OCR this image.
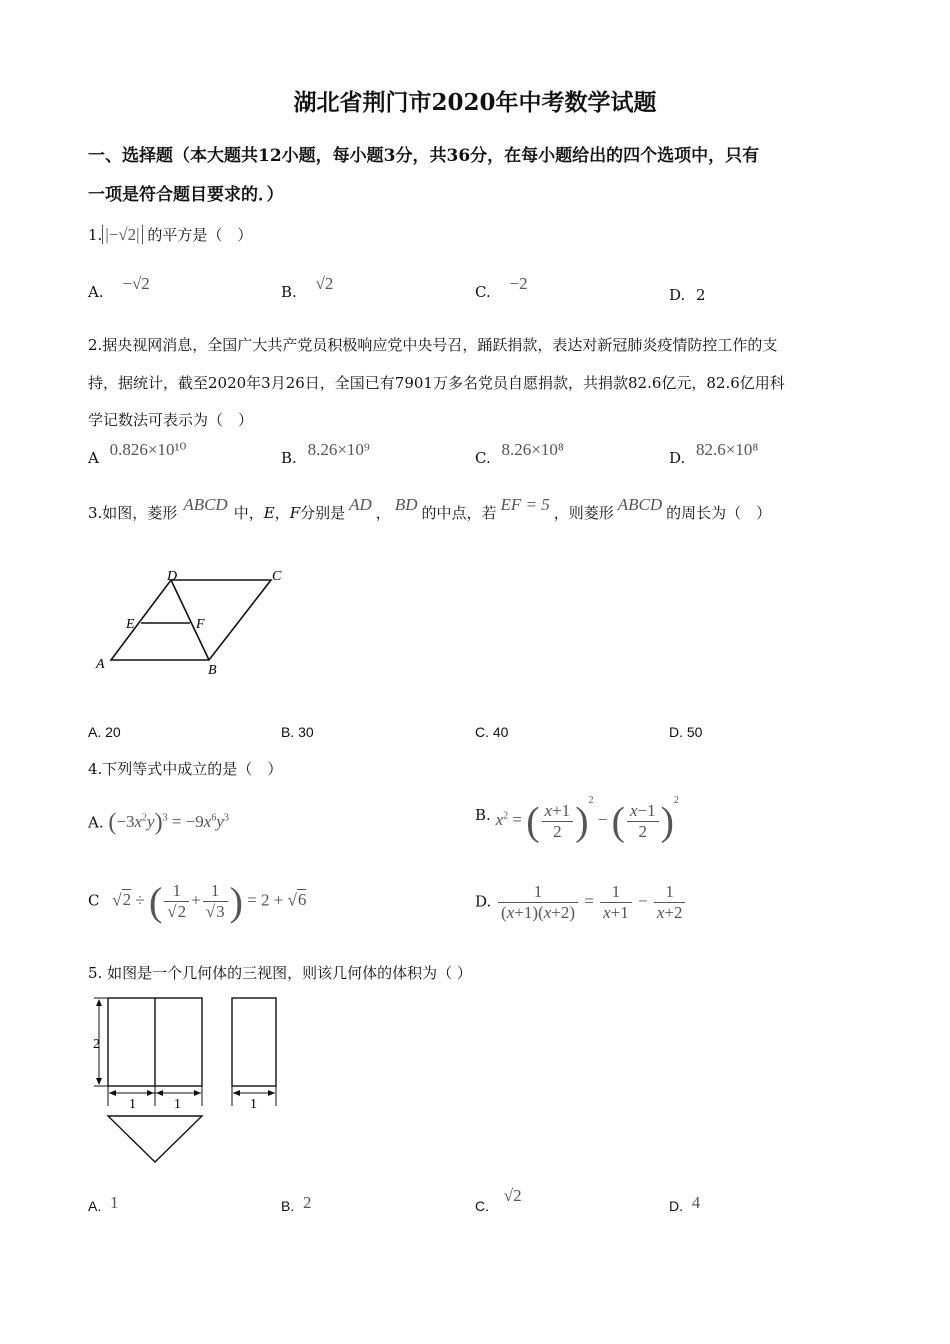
湖北省荆门市2020年中考数学试题
一、选择题（本大题共12小题，每小题3分，共36分，在每小题给出的四个选项中，只有
一项是符合题目要求的．）
1. |−√2| 的平方是（　）
A. −√2	B. √2	C. −2
D. 2
2.据央视网消息，全国广大共产党员积极响应党中央号召，踊跃捐款，表达对新冠肺炎疫情防控工作的支
持，据统计，截至2020年3月26日，全国已有7901万多名党员自愿捐款，共捐款82.6亿元，82.6亿用科
学记数法可表示为（　）
A 0.826×10¹⁰	B. 8.26×10⁹	C. 8.26×10⁸	D. 82.6×10⁸
3.如图，菱形 ABCD 中，E，F分别是 AD ， BD 的中点，若 EF = 5 ，则菱形 ABCD 的周长为（　）
A	B
C
D
E	F
A. 20	B. 30	C. 40	D. 50
4.下列等式中成立的是（　）
A. $(-3x^2y)^3 = -9x^6y^3$	B. $x^2$ = ( $\frac{x+1}{2} )^2$ − ( $\frac{x-1}{2} )^2$
C √2 ÷ ( $\frac{1}{√2} + \frac{1}{√3}$ ) = 2 + √6	D. $\frac{1}{(x+1)(x+2)} = \frac{1}{x+1} - \frac{1}{x+2}$
5. 如图是一个几何体的三视图，则该几何体的体积为（ ）
2
1	1	1
A. 1	B. 2	C. √2
D. 4
